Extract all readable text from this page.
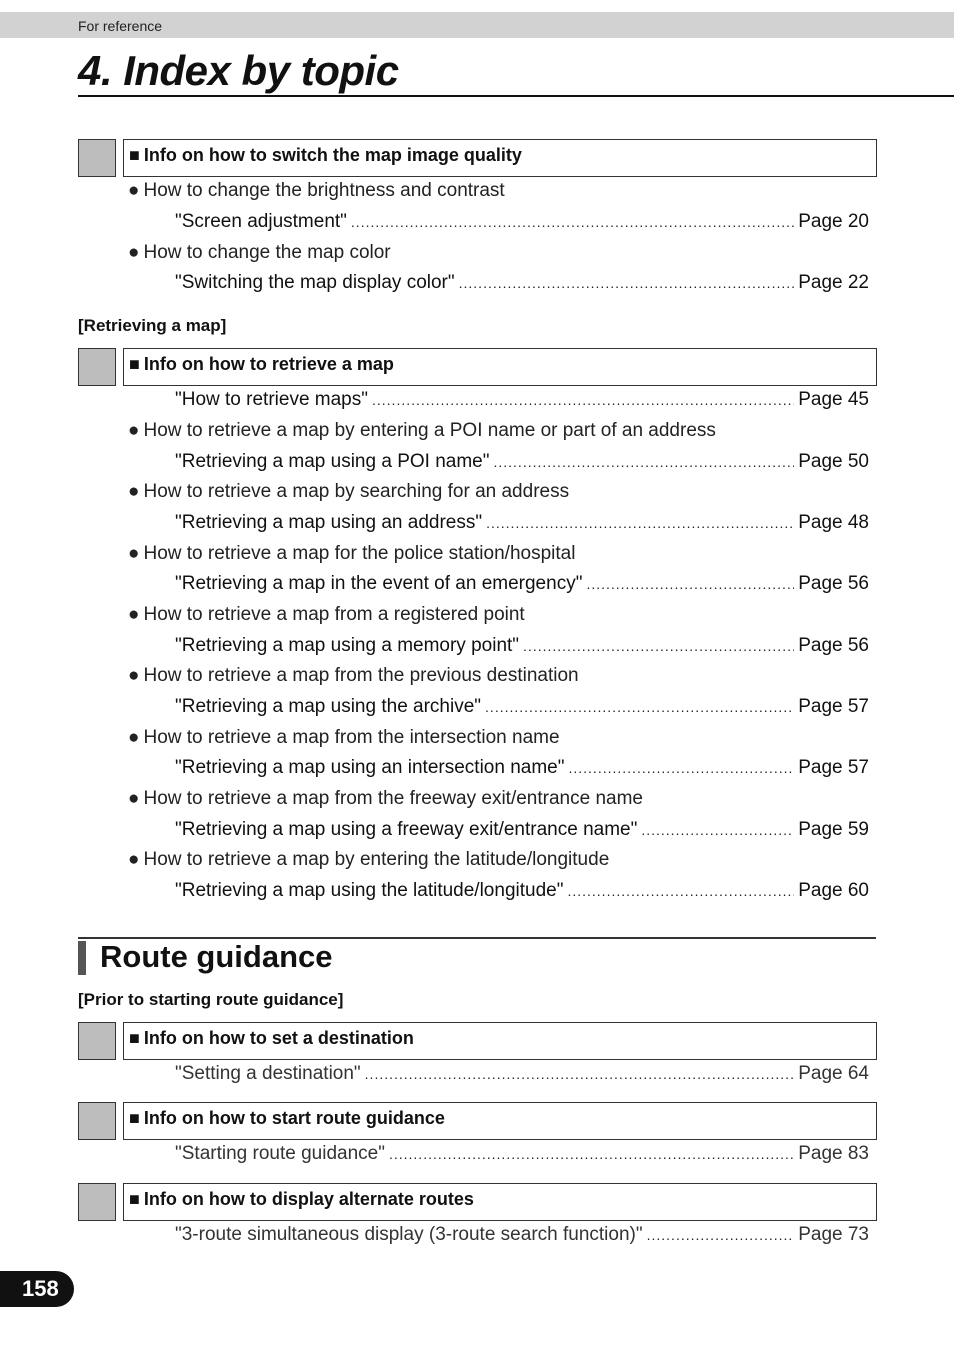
For reference
4. Index by topic
■ Info on how to switch the map image quality
● How to change the brightness and contrast
"Screen adjustment" .....	Page 20
● How to change the map color
"Switching the map display color" .....	Page 22
[Retrieving a map]
■ Info on how to retrieve a map
"How to retrieve maps" .....	Page 45
● How to retrieve a map by entering a POI name or part of an address
"Retrieving a map using a POI name" .....	Page 50
● How to retrieve a map by searching for an address
"Retrieving a map using an address" .....	Page 48
● How to retrieve a map for the police station/hospital
"Retrieving a map in the event of an emergency" .....	Page 56
● How to retrieve a map from a registered point
"Retrieving a map using a memory point" .....	Page 56
● How to retrieve a map from the previous destination
"Retrieving a map using the archive" .....	Page 57
● How to retrieve a map from the intersection name
"Retrieving a map using an intersection name" .....	Page 57
● How to retrieve a map from the freeway exit/entrance name
"Retrieving a map using a freeway exit/entrance name" .....	Page 59
● How to retrieve a map by entering the latitude/longitude
"Retrieving a map using the latitude/longitude" .....	Page 60
Route guidance
[Prior to starting route guidance]
■ Info on how to set a destination
"Setting a destination" .....	Page 64
■ Info on how to start route guidance
"Starting route guidance" .....	Page 83
■ Info on how to display alternate routes
"3-route simultaneous display (3-route search function)" .....	Page 73
158
